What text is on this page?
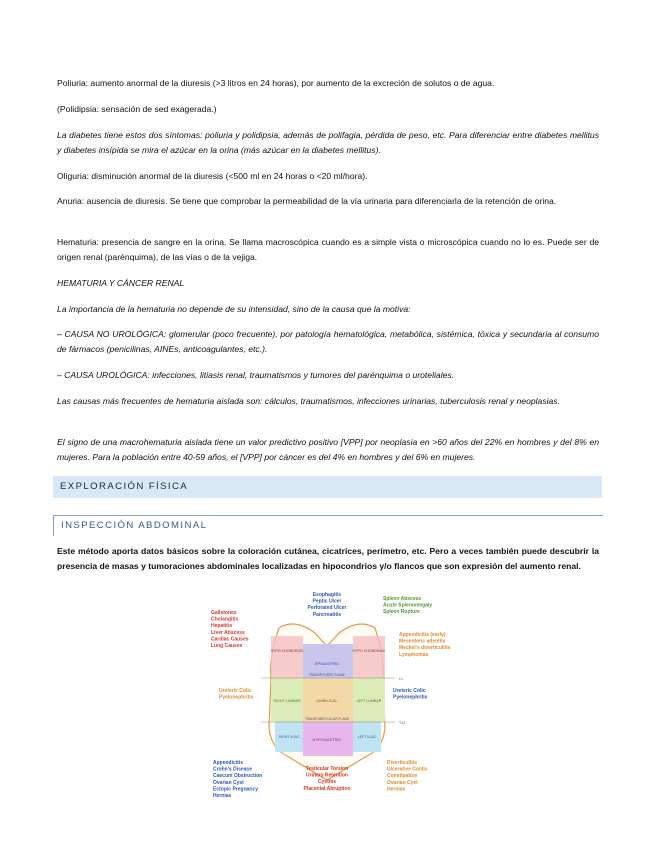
Poliuria: aumento anormal de la diuresis (>3 litros en 24 horas), por aumento de la excreción de solutos o de agua.

(Polidipsia: sensación de sed exagerada.)

La diabetes tiene estos dos síntomas: poliuria y polidipsia, además de polifagia, pérdida de peso, etc. Para diferenciar entre diabetes mellitus y diabetes insípida se mira el azúcar en la orina (más azúcar en la diabetes mellitus).

Oliguria: disminución anormal de la diuresis (<500 ml en 24 horas o <20 ml/hora).

Anuria: ausencia de diuresis. Se tiene que comprobar la permeabilidad de la vía urinaria para diferenciarla de la retención de orina.

Hematuria: presencia de sangre en la orina. Se llama macroscópica cuando es a simple vista o microscópica cuando no lo es. Puede ser de origen renal (parénquima), de las vías o de la vejiga.

HEMATURIA Y CÁNCER RENAL

La importancia de la hematuria no depende de su intensidad, sino de la causa que la motiva:

– CAUSA NO UROLÓGICA: glomerular (poco frecuente), por patología hematológica, metabólica, sistémica, tóxica y secundaria al consumo de fármacos (penicilinas, AINEs, anticoagulantes, etc.).

– CAUSA UROLÓGICA: infecciones, litiasis renal, traumatismos y tumores del parénquima o uroteliales.

Las causas más frecuentes de hematuria aislada son: cálculos, traumatismos, infecciones urinarias, tuberculosis renal y neoplasias.

El signo de una macrohematuria aislada tiene un valor predictivo positivo [VPP] por neoplasia en >60 años del 22% en hombres y del 8% en mujeres. Para la población entre 40-59 años, el [VPP] por cáncer es del 4% en hombres y del 6% en mujeres.

EXPLORACIÓN FÍSICA
INSPECCIÓN ABDOMINAL

Este método aporta datos básicos sobre la coloración cutánea, cicatrices, perímetro, etc. Pero a veces también puede descubrir la presencia de masas y tumoraciones abdominales localizadas en hipocondrios y/o flancos que son expresión del aumento renal.

Esophagitis
Peptic Ulcer
Perforated Ulcer
Pancreatitis
Gallstones
Cholangitis
Hepatitis
Liver Abscess
Cardiac Causes
Lung Causes
Spleen Abscess
Acute Splenomegaly
Spleen Rupture
Appendicitis (early)
Mesenteric adenitis
Meckel's diverticulitis
Lymphomas
Ureteric Colic
Pyelonephritis
Ureteric Colic
Pyelonephritis
Appendicitis
Crohn's Disease
Caecum Obstruction
Ovarian Cyst
Ectopic Pregnancy
Hernias
Testicular Torsion
Urinary Retention
Cystitis
Placental Abruption
Diverticulitis
Ulcerative Colitis
Constipation
Ovarian Cyst
Hernias
EPIGASTRIC
UMBILICAL
HYPOGASTRIC
HYPO CHONDRIAC	HYPO CHONDRIAC
RIGHT LUMBAR	LEFT LUMBAR
RIGHT ILIAC	LEFT ILIAC
TRANSPYLORIC PLANE
TRANSTUBERCULAR PLANE
L1
T12
